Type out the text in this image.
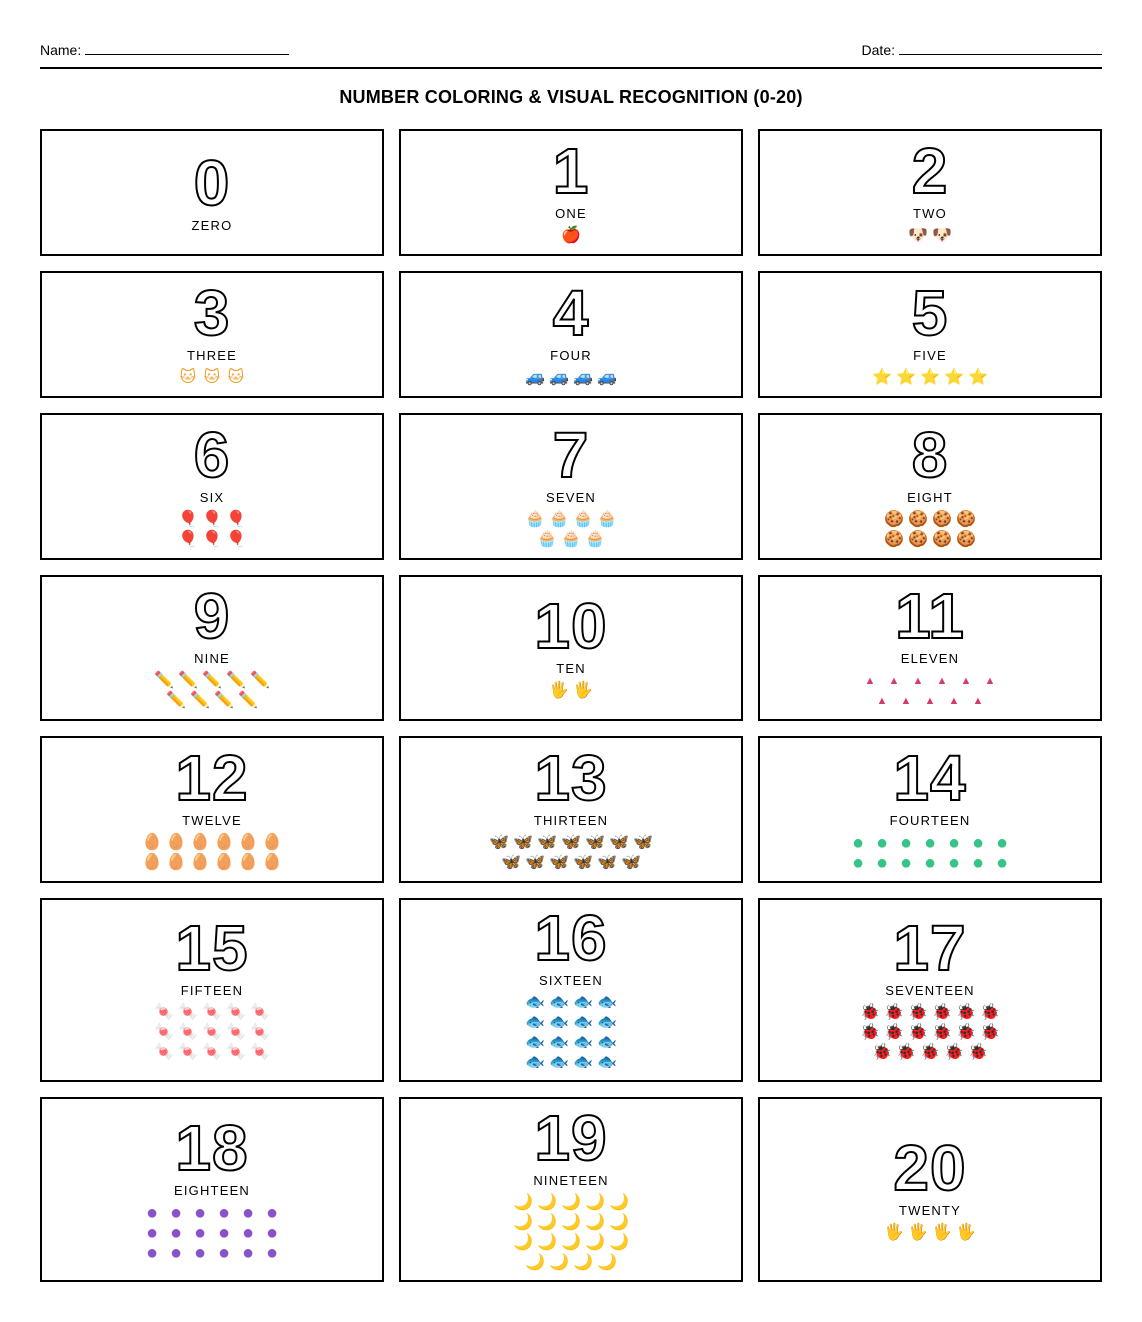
Name:	Date:
NUMBER COLORING & VISUAL RECOGNITION (0-20)
0
ZERO
1
ONE
🍎
2
TWO
🐶 🐶
3
THREE
🐱 🐱 🐱
4
FOUR
🚙 🚙 🚙 🚙
5
FIVE
⭐ ⭐ ⭐ ⭐ ⭐
6
SIX
🎈 🎈 🎈
🎈 🎈 🎈
7
SEVEN
🧁 🧁 🧁 🧁
🧁 🧁 🧁
8
EIGHT
🍪 🍪 🍪 🍪
🍪 🍪 🍪 🍪
9
NINE
✏️ ✏️ ✏️ ✏️ ✏️
✏️ ✏️ ✏️ ✏️
10
TEN
🖐 🖐
11
ELEVEN
▲	▲	▲	▲	▲	▲
▲	▲	▲	▲	▲
12
TWELVE
🥚 🥚 🥚 🥚 🥚 🥚
🥚 🥚 🥚 🥚 🥚 🥚
13
THIRTEEN
🦋 🦋 🦋 🦋 🦋 🦋 🦋
🦋 🦋 🦋 🦋 🦋 🦋
14
FOURTEEN
● ● ● ● ● ● ●
● ● ● ● ● ● ●
15
FIFTEEN
🍬 🍬 🍬 🍬 🍬
🍬 🍬 🍬 🍬 🍬
🍬 🍬 🍬 🍬 🍬
16
SIXTEEN
🐟 🐟 🐟 🐟
🐟 🐟 🐟 🐟
🐟 🐟 🐟 🐟
🐟 🐟 🐟 🐟
17
SEVENTEEN
🐞 🐞 🐞 🐞 🐞 🐞
🐞 🐞 🐞 🐞 🐞 🐞
🐞 🐞 🐞 🐞 🐞
18
EIGHTEEN
● ● ● ● ● ●
● ● ● ● ● ●
● ● ● ● ● ●
19
NINETEEN
🌙 🌙 🌙 🌙 🌙
🌙 🌙 🌙 🌙 🌙
🌙 🌙 🌙 🌙 🌙
🌙 🌙 🌙 🌙
20
TWENTY
🖐 🖐 🖐 🖐
